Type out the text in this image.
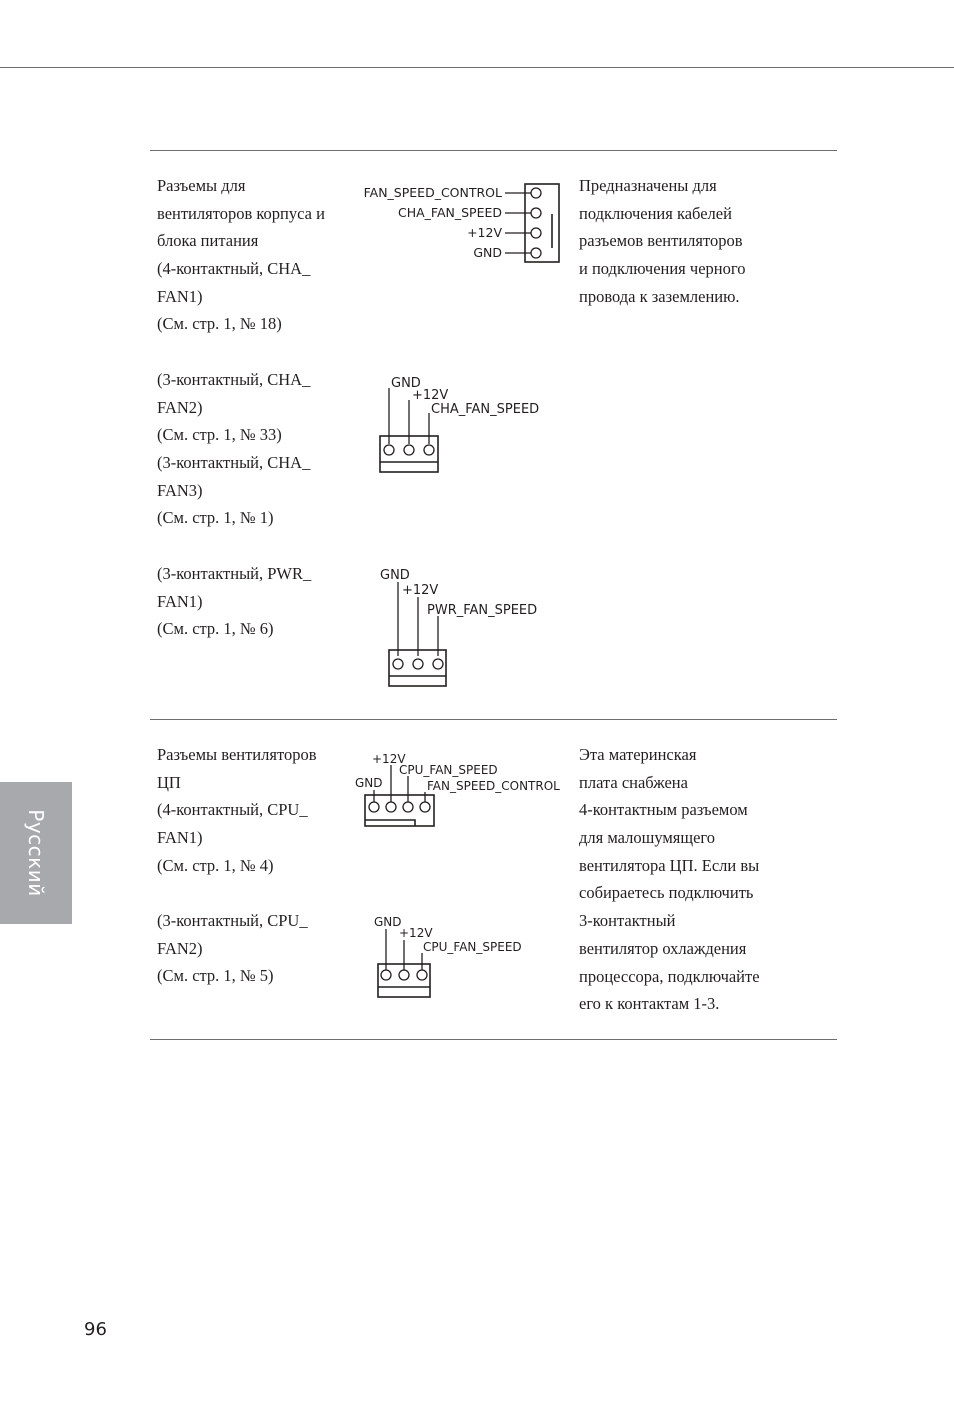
Русский
Разъемы для
вентиляторов корпуса и
блока питания
(4-контактный, CHA_
FAN1)
(См. стр. 1, № 18)
(3-контактный, CHA_
FAN2)
(См. стр. 1, № 33)
(3-контактный, CHA_
FAN3)
(См. стр. 1, № 1)
(3-контактный, PWR_
FAN1)
(См. стр. 1, № 6)
Предназначены для
подключения кабелей
разъемов вентиляторов
и подключения черного
провода к заземлению.
FAN_SPEED_CONTROL
CHA_FAN_SPEED
+12V
GND
GND
+12V
CHA_FAN_SPEED
GND
+12V
PWR_FAN_SPEED
Разъемы вентиляторов
ЦП
(4-контактный, CPU_
FAN1)
(См. стр. 1, № 4)
(3-контактный, CPU_
FAN2)
(См. стр. 1, № 5)
Эта материнская
плата снабжена
4-контактным разъемом
для малошумящего
вентилятора ЦП. Если вы
собираетесь подключить
3-контактный
вентилятор охлаждения
процессора, подключайте
его к контактам 1-3.
+12V
CPU_FAN_SPEED
GND	FAN_SPEED_CONTROL
GND
+12V
CPU_FAN_SPEED
96
